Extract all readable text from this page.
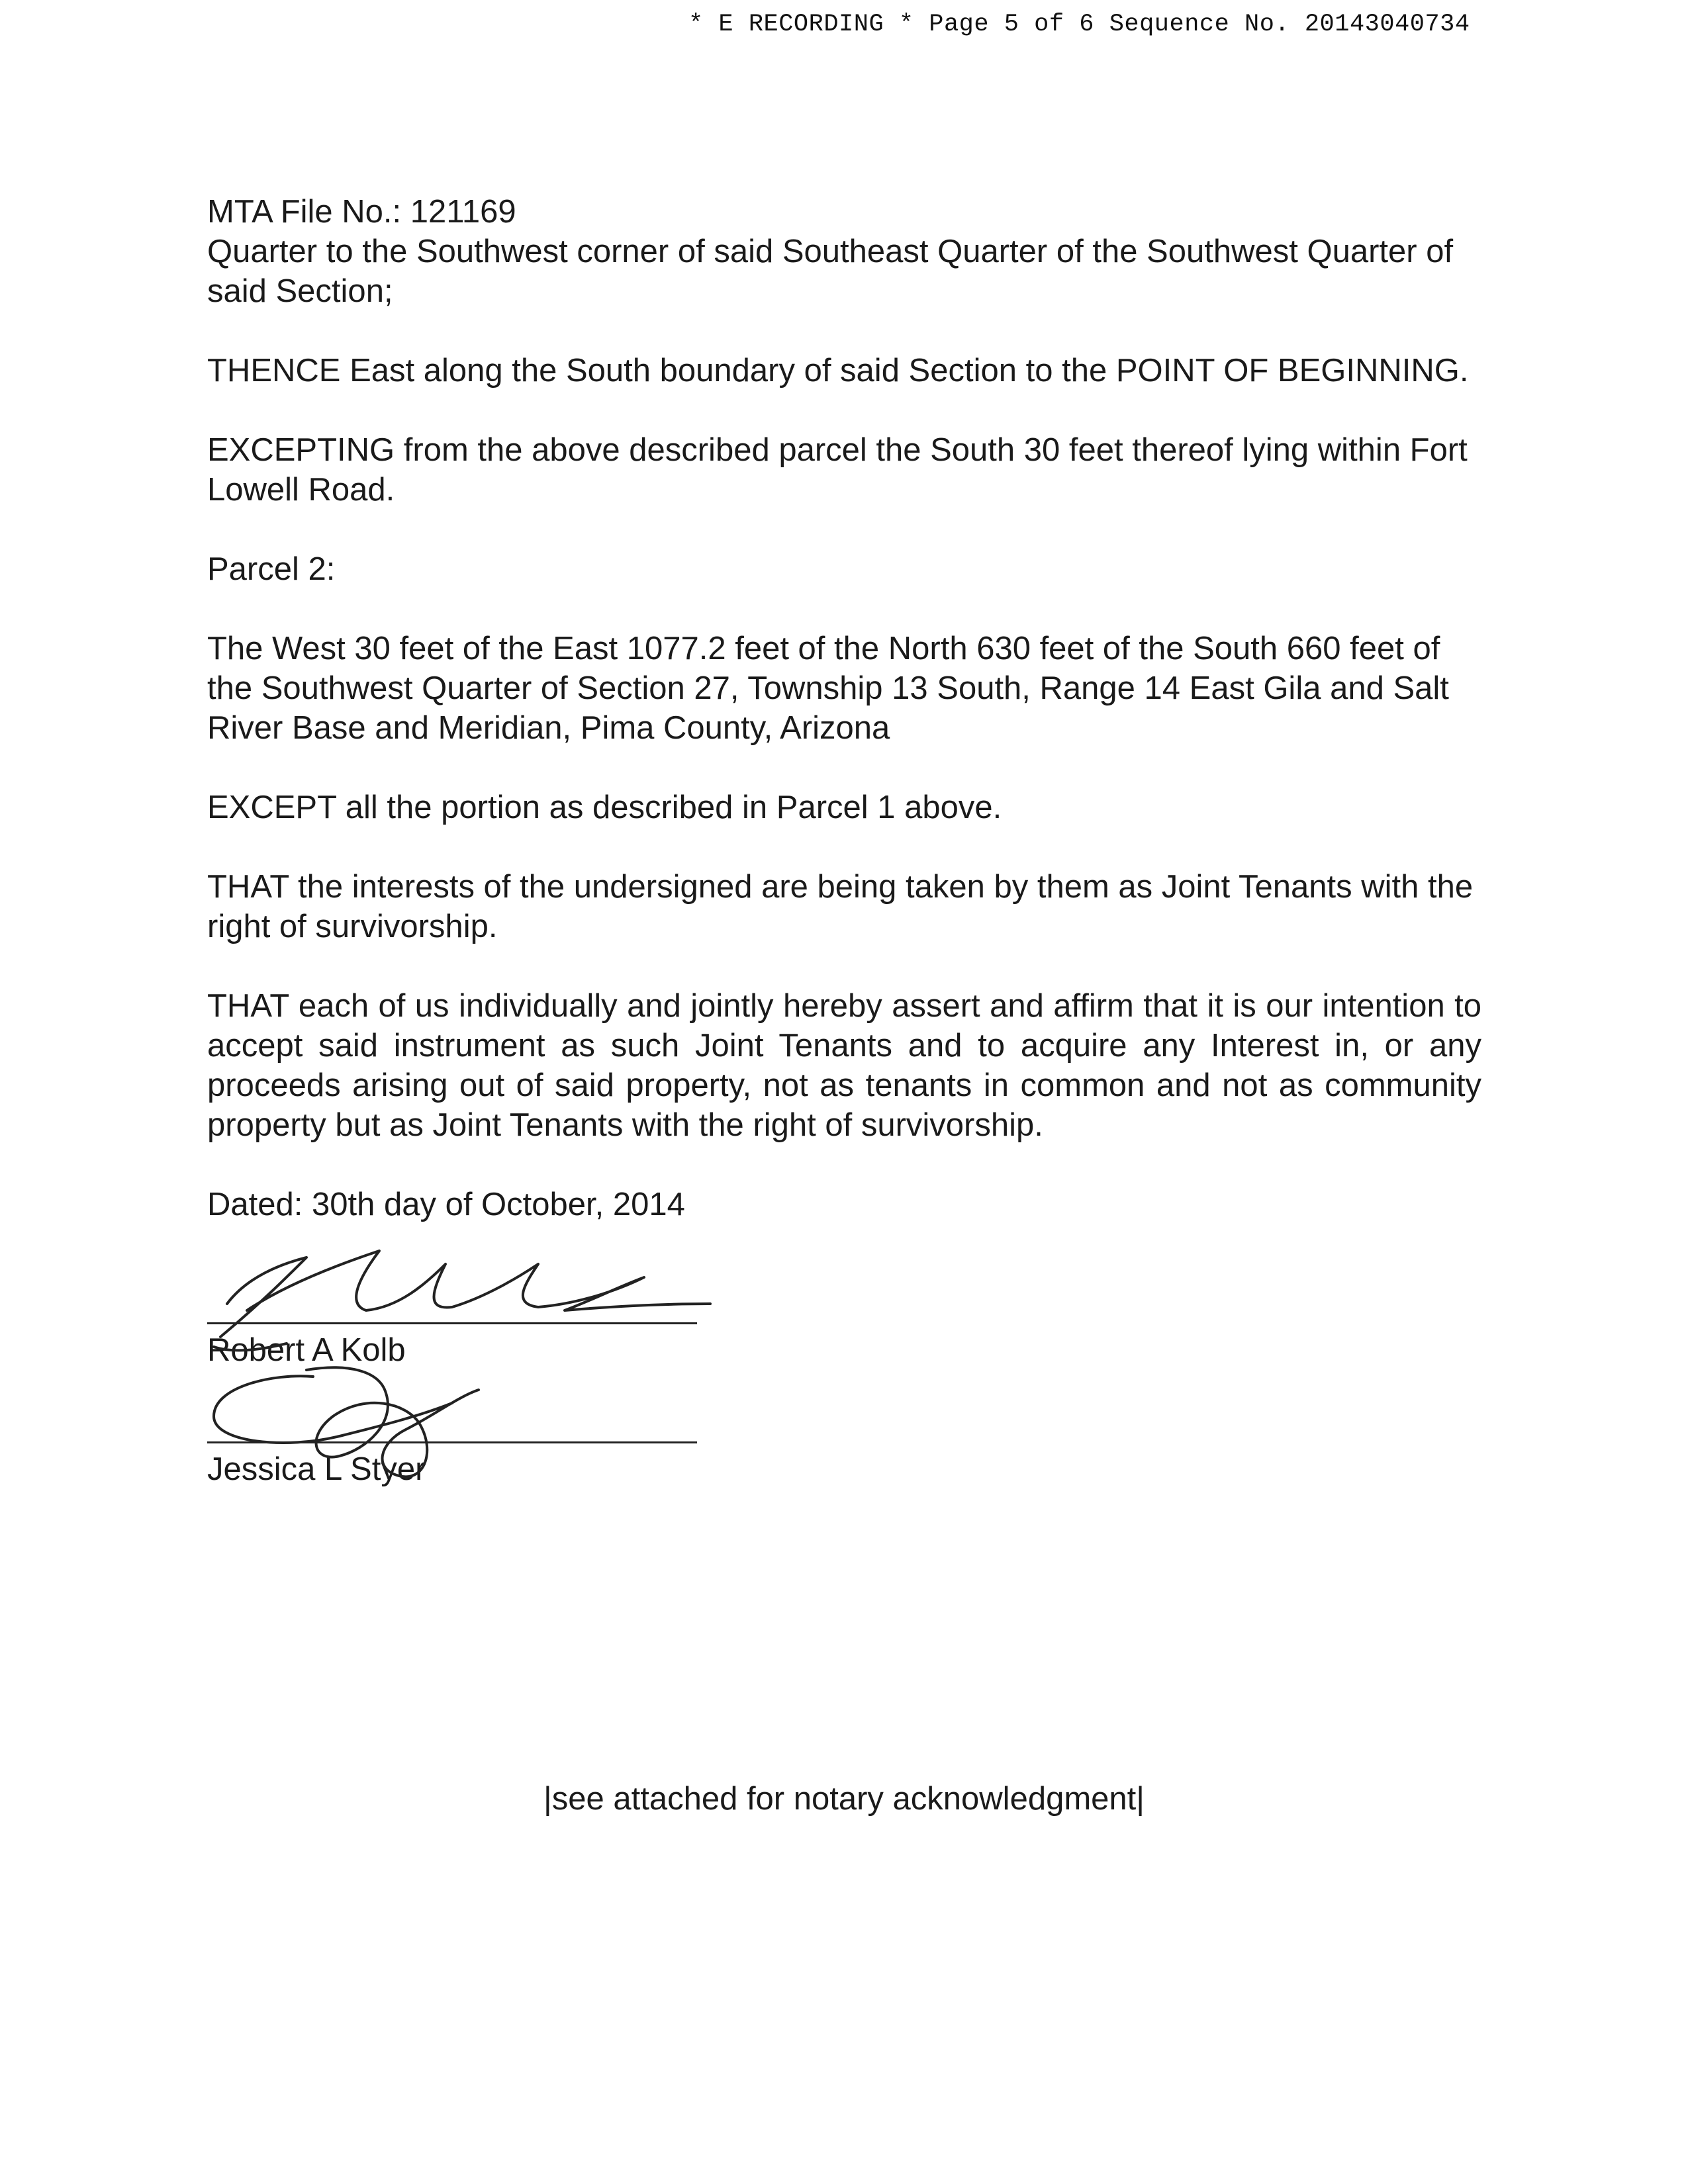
* E RECORDING * Page 5 of 6 Sequence No. 20143040734

MTA File No.: 121169

Quarter to the Southwest corner of said Southeast Quarter of the Southwest Quarter of said Section;

THENCE East along the South boundary of said Section to the POINT OF BEGINNING.

EXCEPTING from the above described parcel the South 30 feet thereof lying within Fort Lowell Road.

Parcel 2:

The West 30 feet of the East 1077.2 feet of the North 630 feet of the South 660 feet of the Southwest Quarter of Section 27, Township 13 South, Range 14 East Gila and Salt River Base and Meridian, Pima County, Arizona

EXCEPT all the portion as described in Parcel 1 above.

THAT the interests of the undersigned are being taken by them as Joint Tenants with the right of survivorship.

THAT each of us individually and jointly hereby assert and affirm that it is our intention to accept said instrument as such Joint Tenants and to acquire any Interest in, or any proceeds arising out of said property, not as tenants in common and not as community property but as Joint Tenants with the right of survivorship.

Dated: 30th day of October, 2014

Robert A Kolb
Jessica L Styer
|see attached for notary acknowledgment|
